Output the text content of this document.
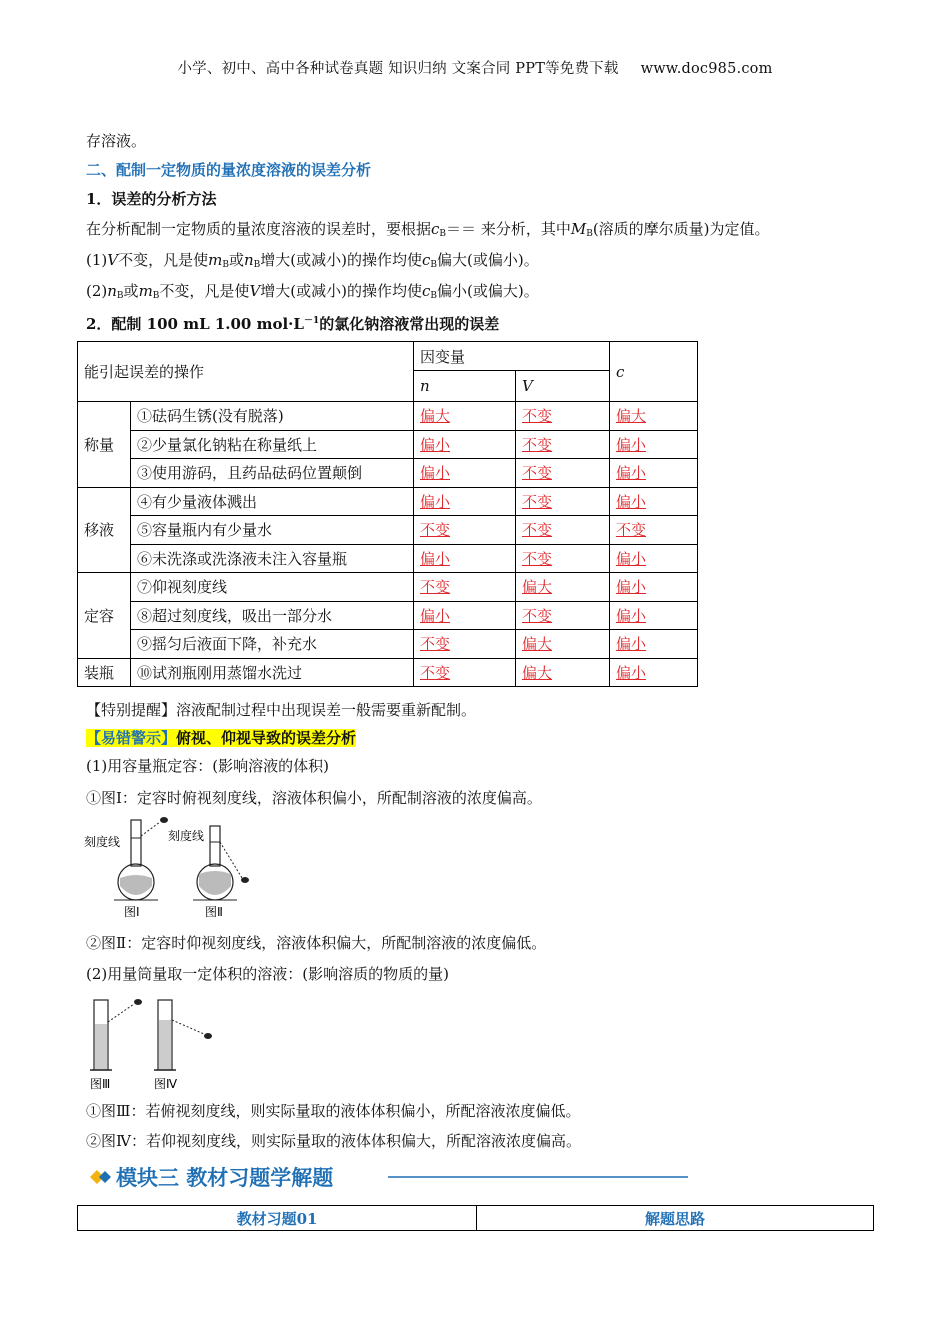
小学、初中、高中各种试卷真题 知识归纳 文案合同 PPT等免费下载 www.doc985.com
存溶液。
二、配制一定物质的量浓度溶液的误差分析
1．误差的分析方法
在分析配制一定物质的量浓度溶液的误差时，要根据$c_B==$ 来分析，其中$M_B$(溶质的摩尔质量)为定值。
(1)V不变，凡是使$m_B$或$n_B$增大(或减小)的操作均使$c_B$偏大(或偏小)。
$(2)n_B$或$m_B$不变，凡是使V增大(或减小)的操作均使$c_B$偏小(或偏大)。
2．配制 100 mL 1.00 $mol\cdot L^{-1}$的氯化钠溶液常出现的误差
能引起误差的操作		因变量		c
		n	V	
称量	①砝码生锈(没有脱落)	偏大	不变	偏大
	②少量氯化钠粘在称量纸上	偏小	不变	偏小
	③使用游码，且药品砝码位置颠倒	偏小	不变	偏小
移液	④有少量液体溅出	偏小	不变	偏小
	⑤容量瓶内有少量水	不变	不变	不变
	⑥未洗涤或洗涤液未注入容量瓶	偏小	不变	偏小
定容	⑦仰视刻度线	不变	偏大	偏小
	⑧超过刻度线，吸出一部分水	偏小	不变	偏小
	⑨摇匀后液面下降，补充水	不变	偏大	偏小
装瓶	⑩试剂瓶刚用蒸馏水洗过	不变	偏大	偏小
【特别提醒】溶液配制过程中出现误差一般需要重新配制。
【易错警示】俯视、仰视导致的误差分析
(1)用容量瓶定容：(影响溶液的体积)
①图Ⅰ：定容时俯视刻度线，溶液体积偏小，所配制溶液的浓度偏高。
刻度线	刻度线
图Ⅰ	图Ⅱ
②图Ⅱ：定容时仰视刻度线，溶液体积偏大，所配制溶液的浓度偏低。
(2)用量筒量取一定体积的溶液：(影响溶质的物质的量)
图Ⅲ	图Ⅳ
①图Ⅲ：若俯视刻度线，则实际量取的液体体积偏小，所配溶液浓度偏低。
②图Ⅳ：若仰视刻度线，则实际量取的液体体积偏大，所配溶液浓度偏高。
模块三 教材习题学解题
教材习题01	解题思路
